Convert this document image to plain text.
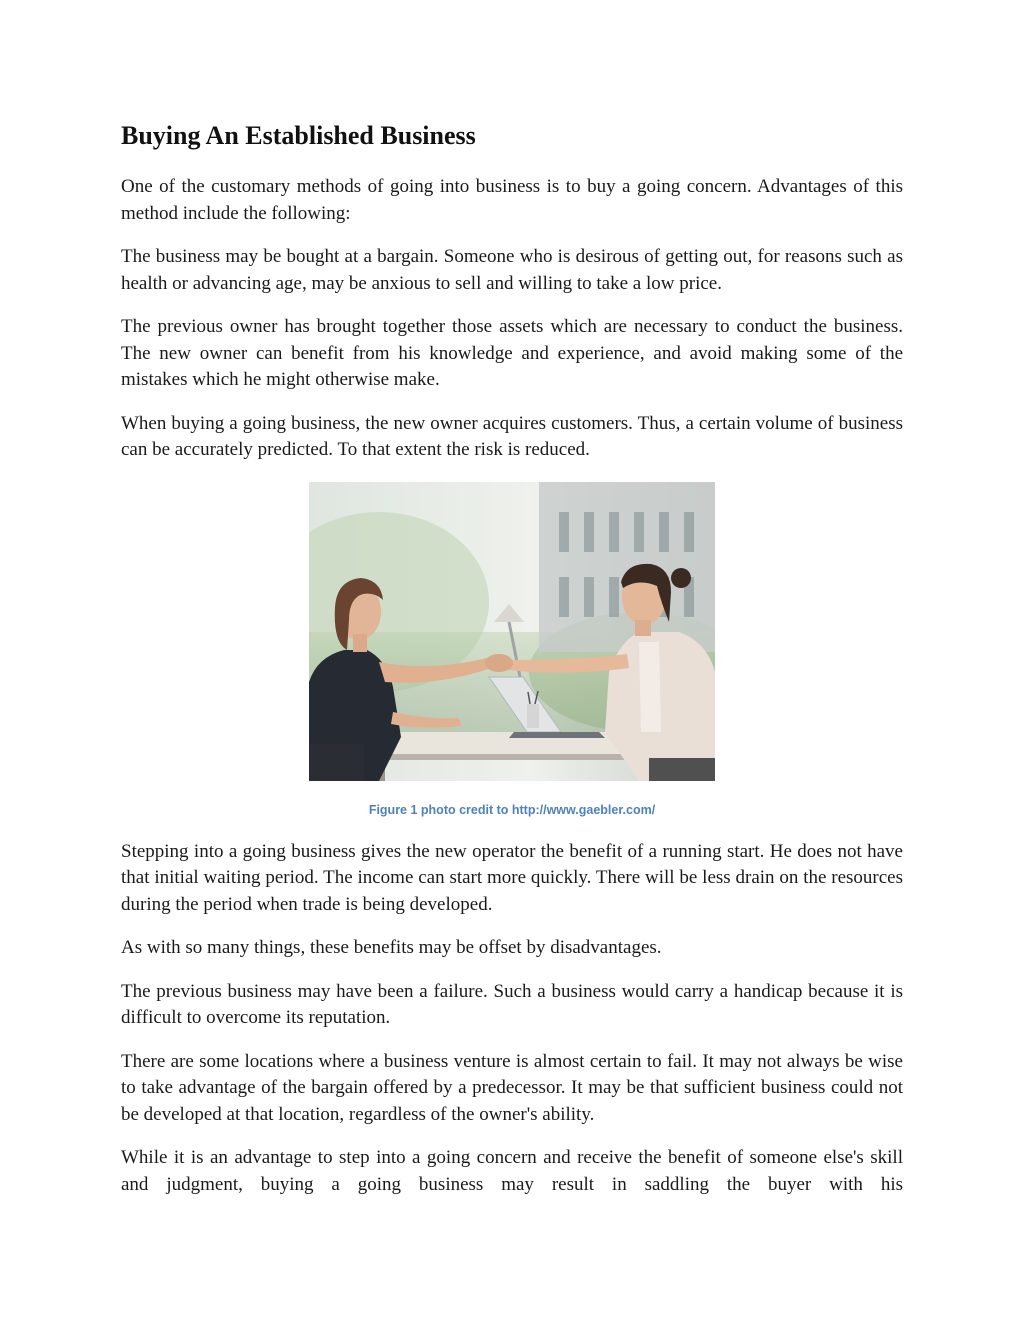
Buying An Established Business

One of the customary methods of going into business is to buy a going concern. Advantages of this method include the following:

The business may be bought at a bargain. Someone who is desirous of getting out, for reasons such as health or advancing age, may be anxious to sell and willing to take a low price.

The previous owner has brought together those assets which are necessary to conduct the business. The new owner can benefit from his knowledge and experience, and avoid making some of the mistakes which he might otherwise make.

When buying a going business, the new owner acquires customers. Thus, a certain volume of business can be accurately predicted. To that extent the risk is reduced.

Figure 1 photo credit to http://www.gaebler.com/

Stepping into a going business gives the new operator the benefit of a running start. He does not have that initial waiting period. The income can start more quickly. There will be less drain on the resources during the period when trade is being developed.

As with so many things, these benefits may be offset by disadvantages.

The previous business may have been a failure. Such a business would carry a handicap because it is difficult to overcome its reputation.

There are some locations where a business venture is almost certain to fail. It may not always be wise to take advantage of the bargain offered by a predecessor. It may be that sufficient business could not be developed at that location, regardless of the owner's ability.

While it is an advantage to step into a going concern and receive the benefit of someone else's skill and judgment, buying a going business may result in saddling the buyer with his
